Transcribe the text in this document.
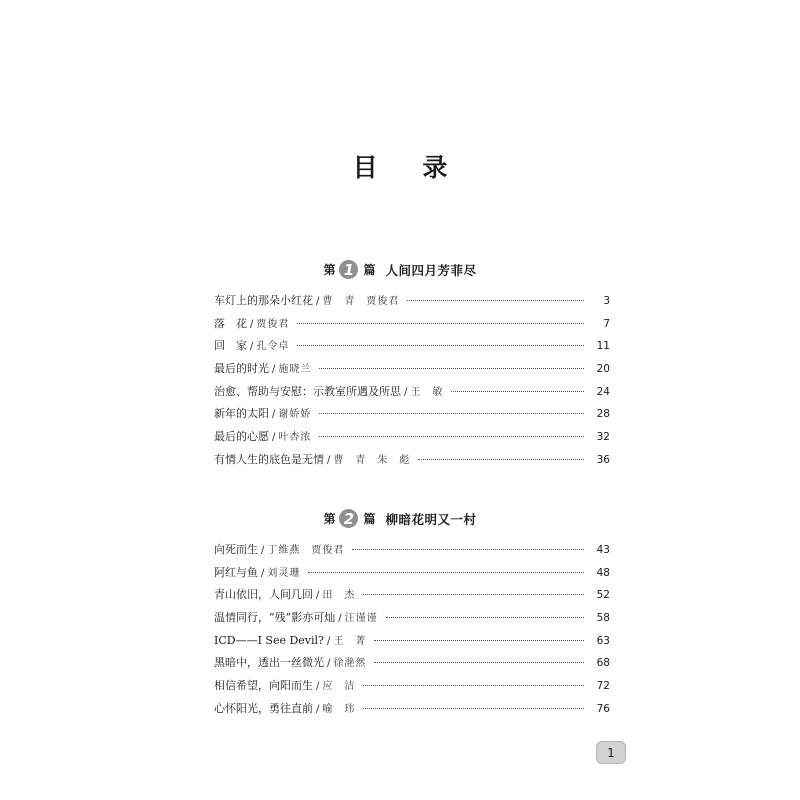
目 录
第 1 篇 人间四月芳菲尽
车灯上的那朵小红花 / 曹　青　贾俊君	3
落　花 / 贾俊君	7
回　家 / 孔令卓	11
最后的时光 / 施晓兰	20
治愈、帮助与安慰：示教室所遇及所思 / 王　敏	24
新年的太阳 / 谢娇娇	28
最后的心愿 / 叶杏浓	32
有情人生的底色是无情 / 曹　青　朱　彪	36
第 2 篇 柳暗花明又一村
向死而生 / 丁维燕　贾俊君	43
阿红与鱼 / 刘灵珊	48
青山依旧，人间几回 / 田　杰	52
温情同行，“残”影亦可灿 / 汪谨谨	58
ICD——I See Devil? / 王　菁	63
黑暗中，透出一丝微光 / 徐滟然	68
相信希望，向阳而生 / 应　洁	72
心怀阳光，勇往直前 / 喻　玮	76
1
